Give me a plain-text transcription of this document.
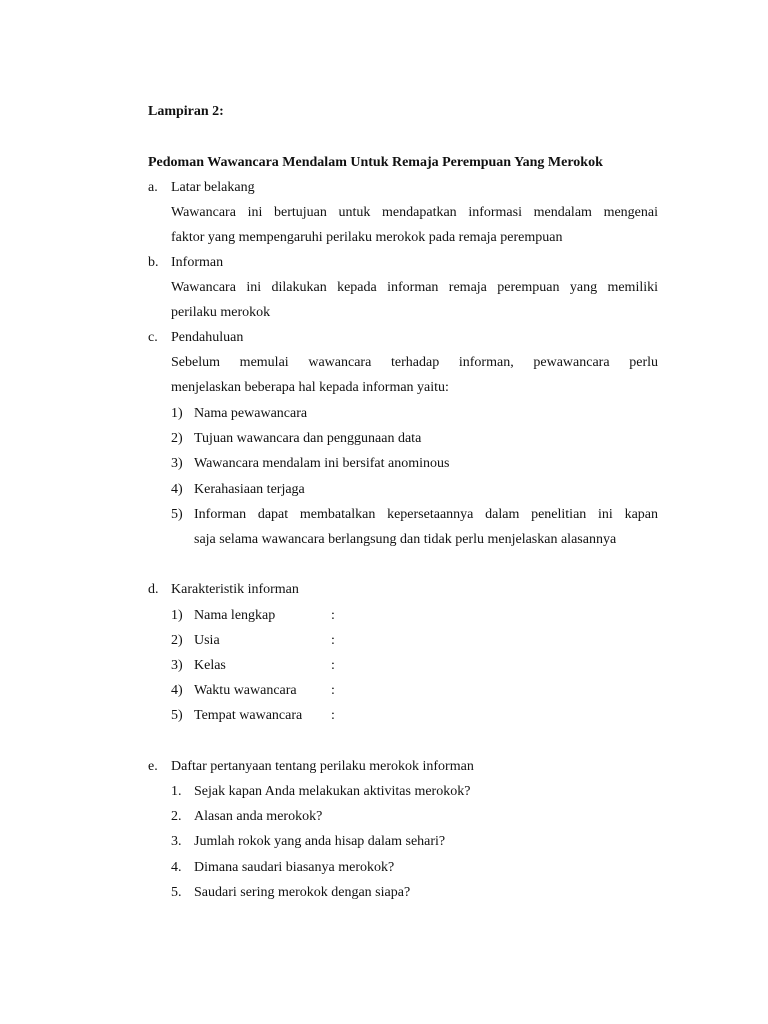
Lampiran 2:
Pedoman Wawancara Mendalam Untuk Remaja Perempuan Yang Merokok
a. Latar belakang
Wawancara ini bertujuan untuk mendapatkan informasi mendalam mengenai
faktor yang mempengaruhi perilaku merokok pada remaja perempuan
b. Informan
Wawancara ini dilakukan kepada informan remaja perempuan yang memiliki
perilaku merokok
c. Pendahuluan
Sebelum memulai wawancara terhadap informan, pewawancara perlu
menjelaskan beberapa hal kepada informan yaitu:
1) Nama pewawancara
2) Tujuan wawancara dan penggunaan data
3) Wawancara mendalam ini bersifat anominous
4) Kerahasiaan terjaga
5) Informan dapat membatalkan kepersetaannya dalam penelitian ini kapan
saja selama wawancara berlangsung dan tidak perlu menjelaskan alasannya
d. Karakteristik informan
1) Nama lengkap	:
2) Usia	:
3) Kelas	:
4) Waktu wawancara :
5) Tempat wawancara :
e. Daftar pertanyaan tentang perilaku merokok informan
1. Sejak kapan Anda melakukan aktivitas merokok?
2. Alasan anda merokok?
3. Jumlah rokok yang anda hisap dalam sehari?
4. Dimana saudari biasanya merokok?
5. Saudari sering merokok dengan siapa?
